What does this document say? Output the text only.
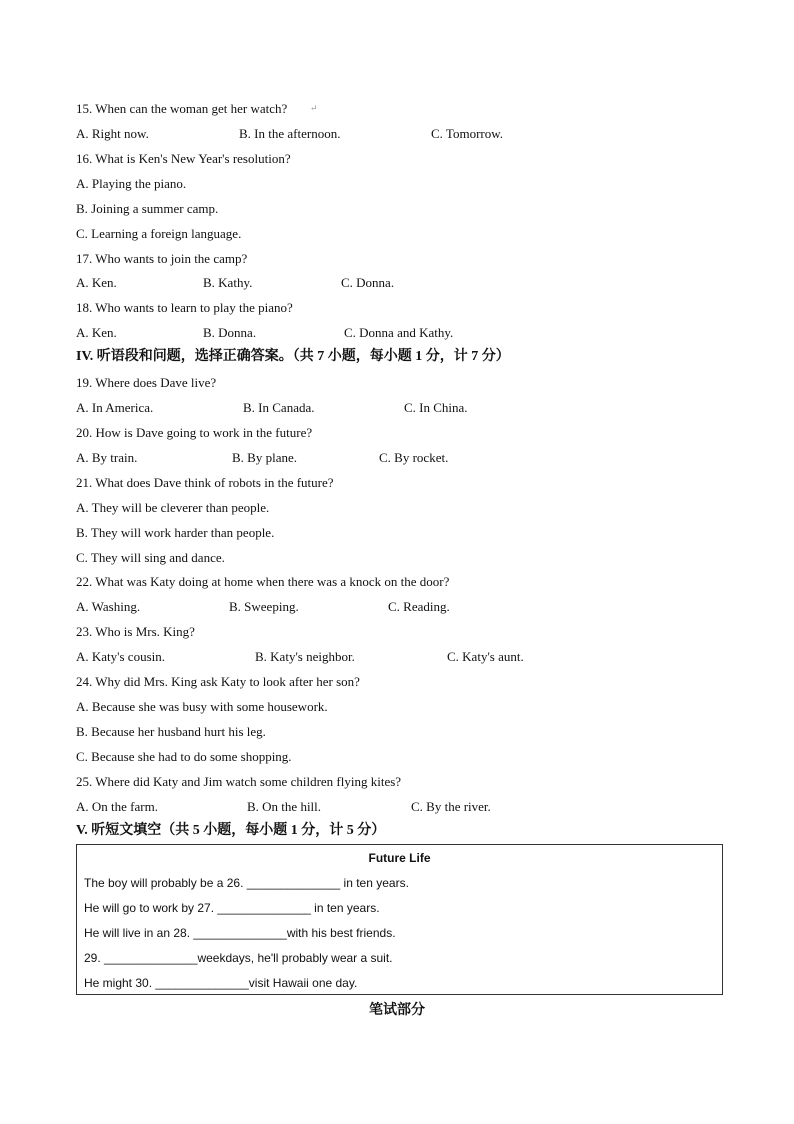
15. When can the woman get her watch?	↵
A. Right now.	B. In the afternoon.	C. Tomorrow.
16. What is Ken's New Year's resolution?
A. Playing the piano.
B. Joining a summer camp.
C. Learning a foreign language.
17. Who wants to join the camp?
A. Ken.	B. Kathy.	C. Donna.
18. Who wants to learn to play the piano?
A. Ken.	B. Donna.	C. Donna and Kathy.
IV. 听语段和问题，选择正确答案。（共 7 小题，每小题 1 分，计 7 分）
19. Where does Dave live?
A. In America.	B. In Canada.	C. In China.
20. How is Dave going to work in the future?
A. By train.	B. By plane.	C. By rocket.
21. What does Dave think of robots in the future?
A. They will be cleverer than people.
B. They will work harder than people.
C. They will sing and dance.
22. What was Katy doing at home when there was a knock on the door?
A. Washing.	B. Sweeping.	C. Reading.
23. Who is Mrs. King?
A. Katy's cousin.	B. Katy's neighbor.	C. Katy's aunt.
24. Why did Mrs. King ask Katy to look after her son?
A. Because she was busy with some housework.
B. Because her husband hurt his leg.
C. Because she had to do some shopping.
25. Where did Katy and Jim watch some children flying kites?
A. On the farm.	B. On the hill.	C. By the river.
V. 听短文填空（共 5 小题，每小题 1 分，计 5 分）
Future Life
The boy will probably be a 26. ______________ in ten years.
He will go to work by 27. ______________ in ten years.
He will live in an 28. ______________with his best friends.
29. ______________weekdays, he'll probably wear a suit.
He might 30. ______________visit Hawaii one day.
笔试部分
